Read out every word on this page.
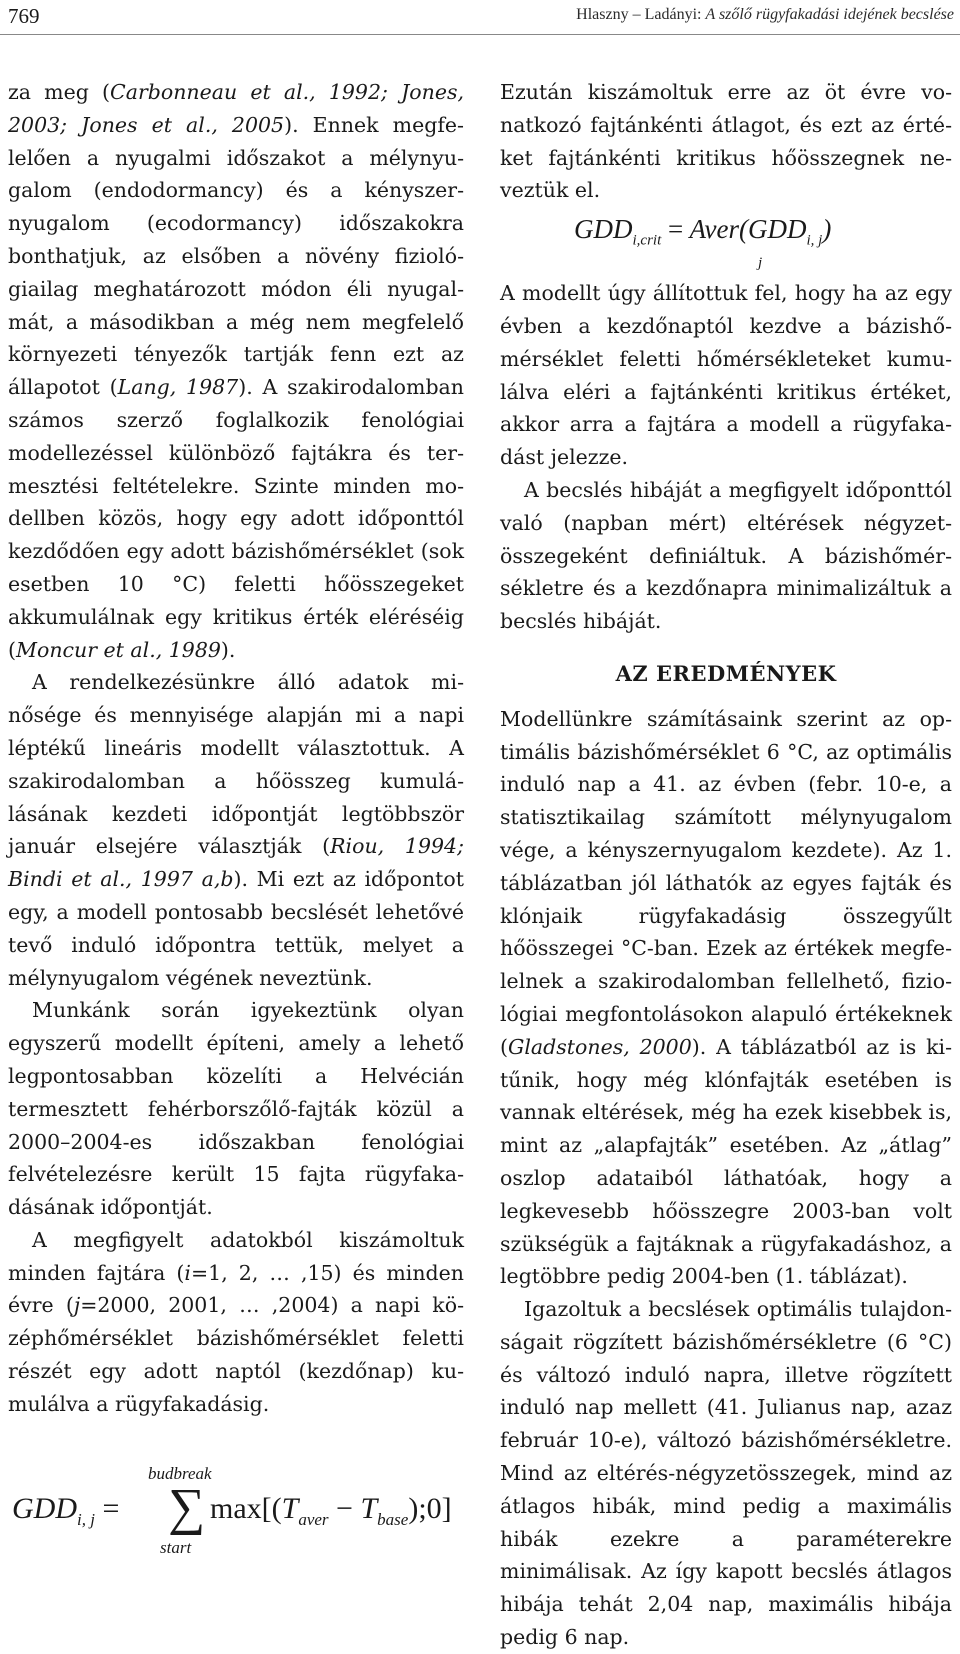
769	Hlaszny – Ladányi: A szőlő rügyfakadási idejének becslése

za meg (Carbonneau et al., 1992; Jones, 2003; Jones et al., 2005). Ennek megfelelően a nyugalmi időszakot a mélynyugalom (endodormancy) és a kényszernyugalom (ecodormancy) időszakokra bonthatjuk, az elsőben a növény fiziológiailag meghatározott módon éli nyugalmát, a másodikban a még nem megfelelő környezeti tényezők tartják fenn ezt az állapotot (Lang, 1987). A szakirodalomban számos szerző foglalkozik fenológiai modellezéssel különböző fajtákra és termesztési feltételekre. Szinte minden modellben közös, hogy egy adott időponttól kezdődően egy adott bázishőmérséklet (sok esetben 10 °C) feletti hőösszegeket akkumulálnak egy kritikus érték eléréséig (Moncur et al., 1989).

A rendelkezésünkre álló adatok minősége és mennyisége alapján mi a napi léptékű lineáris modellt választottuk. A szakirodalomban a hőösszeg kumulálásának kezdeti időpontját legtöbbször január elsejére választják (Riou, 1994; Bindi et al., 1997 a,b). Mi ezt az időpontot egy, a modell pontosabb becslését lehetővé tevő induló időpontra tettük, melyet a mélynyugalom végének neveztünk.

Munkánk során igyekeztünk olyan egyszerű modellt építeni, amely a lehető legpontosabban közelíti a Helvécián termesztett fehérborszőlő-fajták közül a 2000–2004-es időszakban fenológiai felvételezésre került 15 fajta rügyfakadásának időpontját.

A megfigyelt adatokból kiszámoltuk minden fajtára (i=1, 2, … ,15) és minden évre (j=2000, 2001, … ,2004) a napi középhőmérséklet bázishőmérséklet feletti részét egy adott naptól (kezdőnap) kumulálva a rügyfakadásig.

$GDD_{i, j}$ =
budbreak
∑
start
$\max[(T_{aver}$ − $T_{base});0$]

Ezután kiszámoltuk erre az öt évre vonatkozó fajtánkénti átlagot, és ezt az értéket fajtánkénti kritikus hőösszegnek neveztük el.

$GDD_{i,crit}$ = $Aver(GDD_{i, j})$
j

A modellt úgy állítottuk fel, hogy ha az egy évben a kezdőnaptól kezdve a bázishőmérséklet feletti hőmérsékleteket kumulálva eléri a fajtánkénti kritikus értéket, akkor arra a fajtára a modell a rügyfakadást jelezze.

A becslés hibáját a megfigyelt időponttól való (napban mért) eltérések négyzetösszegeként definiáltuk. A bázishőmérsékletre és a kezdőnapra minimalizáltuk a becslés hibáját.

AZ EREDMÉNYEK

Modellünkre számításaink szerint az optimális bázishőmérséklet 6 °C, az optimális induló nap a 41. az évben (febr. 10-e, a statisztikailag számított mélynyugalom vége, a kényszernyugalom kezdete). Az 1. táblázatban jól láthatók az egyes fajták és klónjaik rügyfakadásig összegyűlt hőösszegei °C-ban. Ezek az értékek megfelelnek a szakirodalomban fellelhető, fiziológiai megfontolásokon alapuló értékeknek (Gladstones, 2000). A táblázatból az is kitűnik, hogy még klónfajták esetében is vannak eltérések, még ha ezek kisebbek is, mint az „alapfajták” esetében. Az „átlag” oszlop adataiból láthatóak, hogy a legkevesebb hőösszegre 2003-ban volt szükségük a fajtáknak a rügyfakadáshoz, a legtöbbre pedig 2004-ben (1. táblázat).

Igazoltuk a becslések optimális tulajdonságait rögzített bázishőmérsékletre (6 °C) és változó induló napra, illetve rögzített induló nap mellett (41. Julianus nap, azaz február 10-e), változó bázishőmérsékletre. Mind az eltérés-négyzetösszegek, mind az átlagos hibák, mind pedig a maximális hibák ezekre a paraméterekre minimálisak. Az így kapott becslés átlagos hibája tehát 2,04 nap, maximális hibája pedig 6 nap.
